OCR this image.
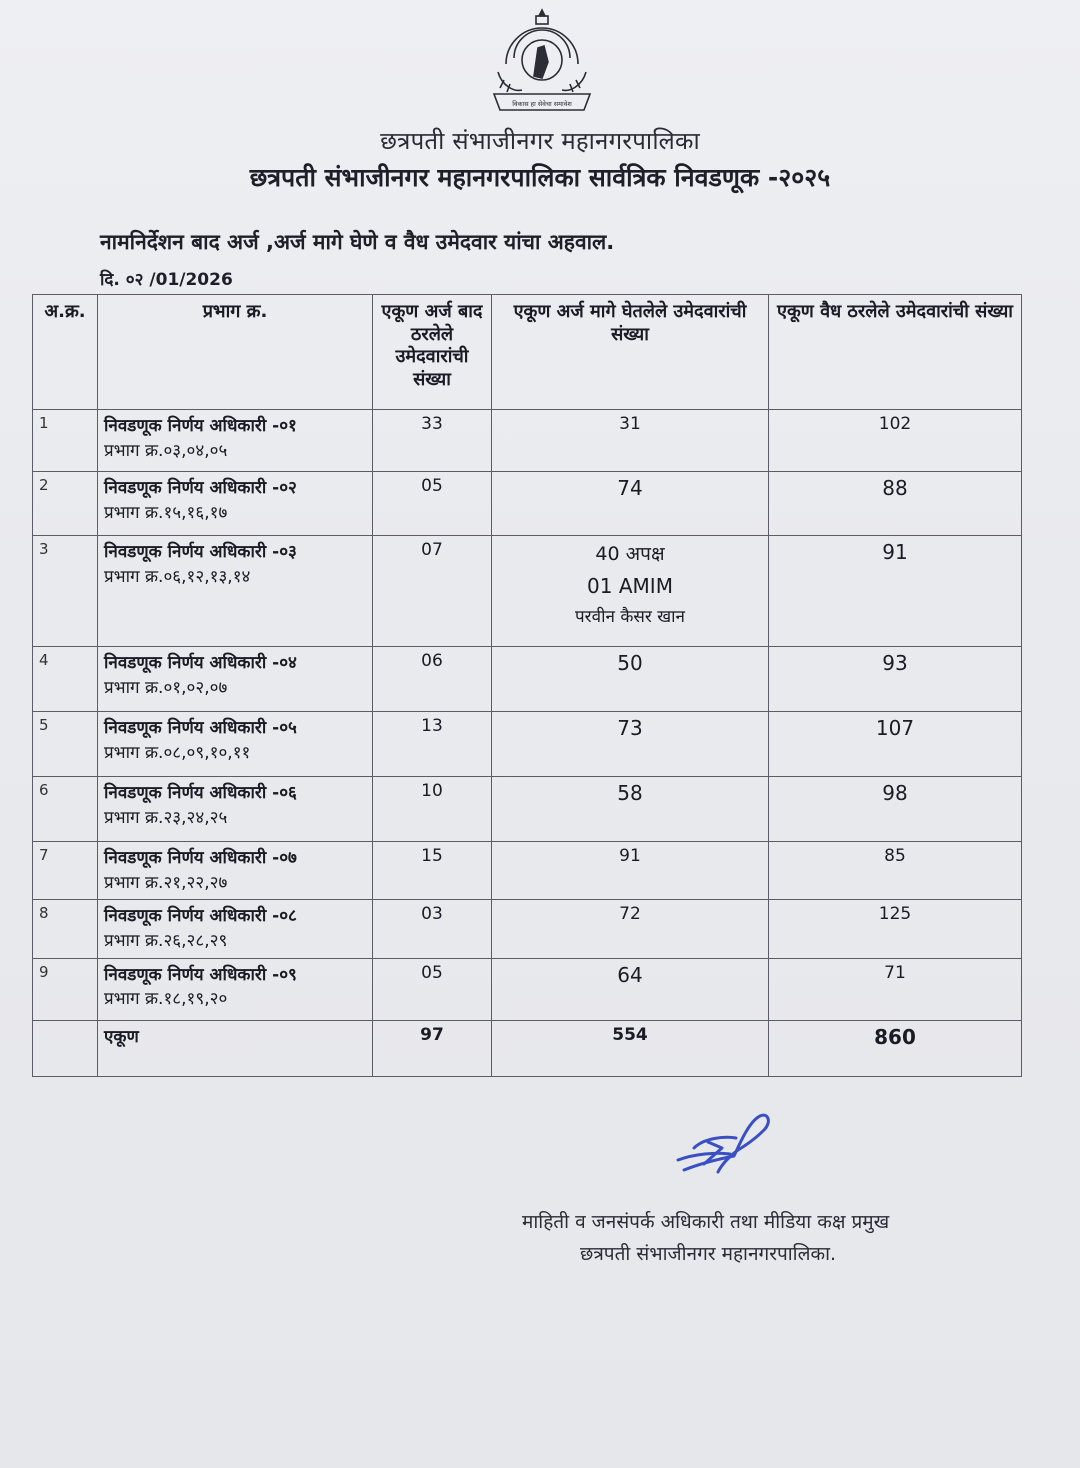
विकास हा सेवेचा समावेश
छत्रपती संभाजीनगर महानगरपालिका
छत्रपती संभाजीनगर महानगरपालिका सार्वत्रिक निवडणूक -२०२५
नामनिर्देशन बाद अर्ज ,अर्ज मागे घेणे व वैध उमेदवार यांचा अहवाल.
दि. ०२ /01/2026
अ.क्र.	प्रभाग क्र.	एकूण अर्ज बाद ठरलेले उमेदवारांची संख्या	एकूण अर्ज मागे घेतलेले उमेदवारांची संख्या	एकूण वैध ठरलेले उमेदवारांची संख्या
1	निवडणूक निर्णय अधिकारी -०१
प्रभाग क्र.०३,०४,०५	33	31	102
2	निवडणूक निर्णय अधिकारी -०२
प्रभाग क्र.१५,१६,१७	05	74	88
3	निवडणूक निर्णय अधिकारी -०३
प्रभाग क्र.०६,१२,१३,१४	07	40 अपक्ष
01 AMIM
परवीन कैसर खान	91
4	निवडणूक निर्णय अधिकारी -०४
प्रभाग क्र.०१,०२,०७	06	50	93
5	निवडणूक निर्णय अधिकारी -०५
प्रभाग क्र.०८,०९,१०,११	13	73	107
6	निवडणूक निर्णय अधिकारी -०६
प्रभाग क्र.२३,२४,२५	10	58	98
7	निवडणूक निर्णय अधिकारी -०७
प्रभाग क्र.२१,२२,२७	15	91	85
8	निवडणूक निर्णय अधिकारी -०८
प्रभाग क्र.२६,२८,२९	03	72	125
9	निवडणूक निर्णय अधिकारी -०९
प्रभाग क्र.१८,१९,२०	05	64	71
	एकूण	97	554	860
माहिती व जनसंपर्क अधिकारी तथा मीडिया कक्ष प्रमुख
छत्रपती संभाजीनगर महानगरपालिका.
